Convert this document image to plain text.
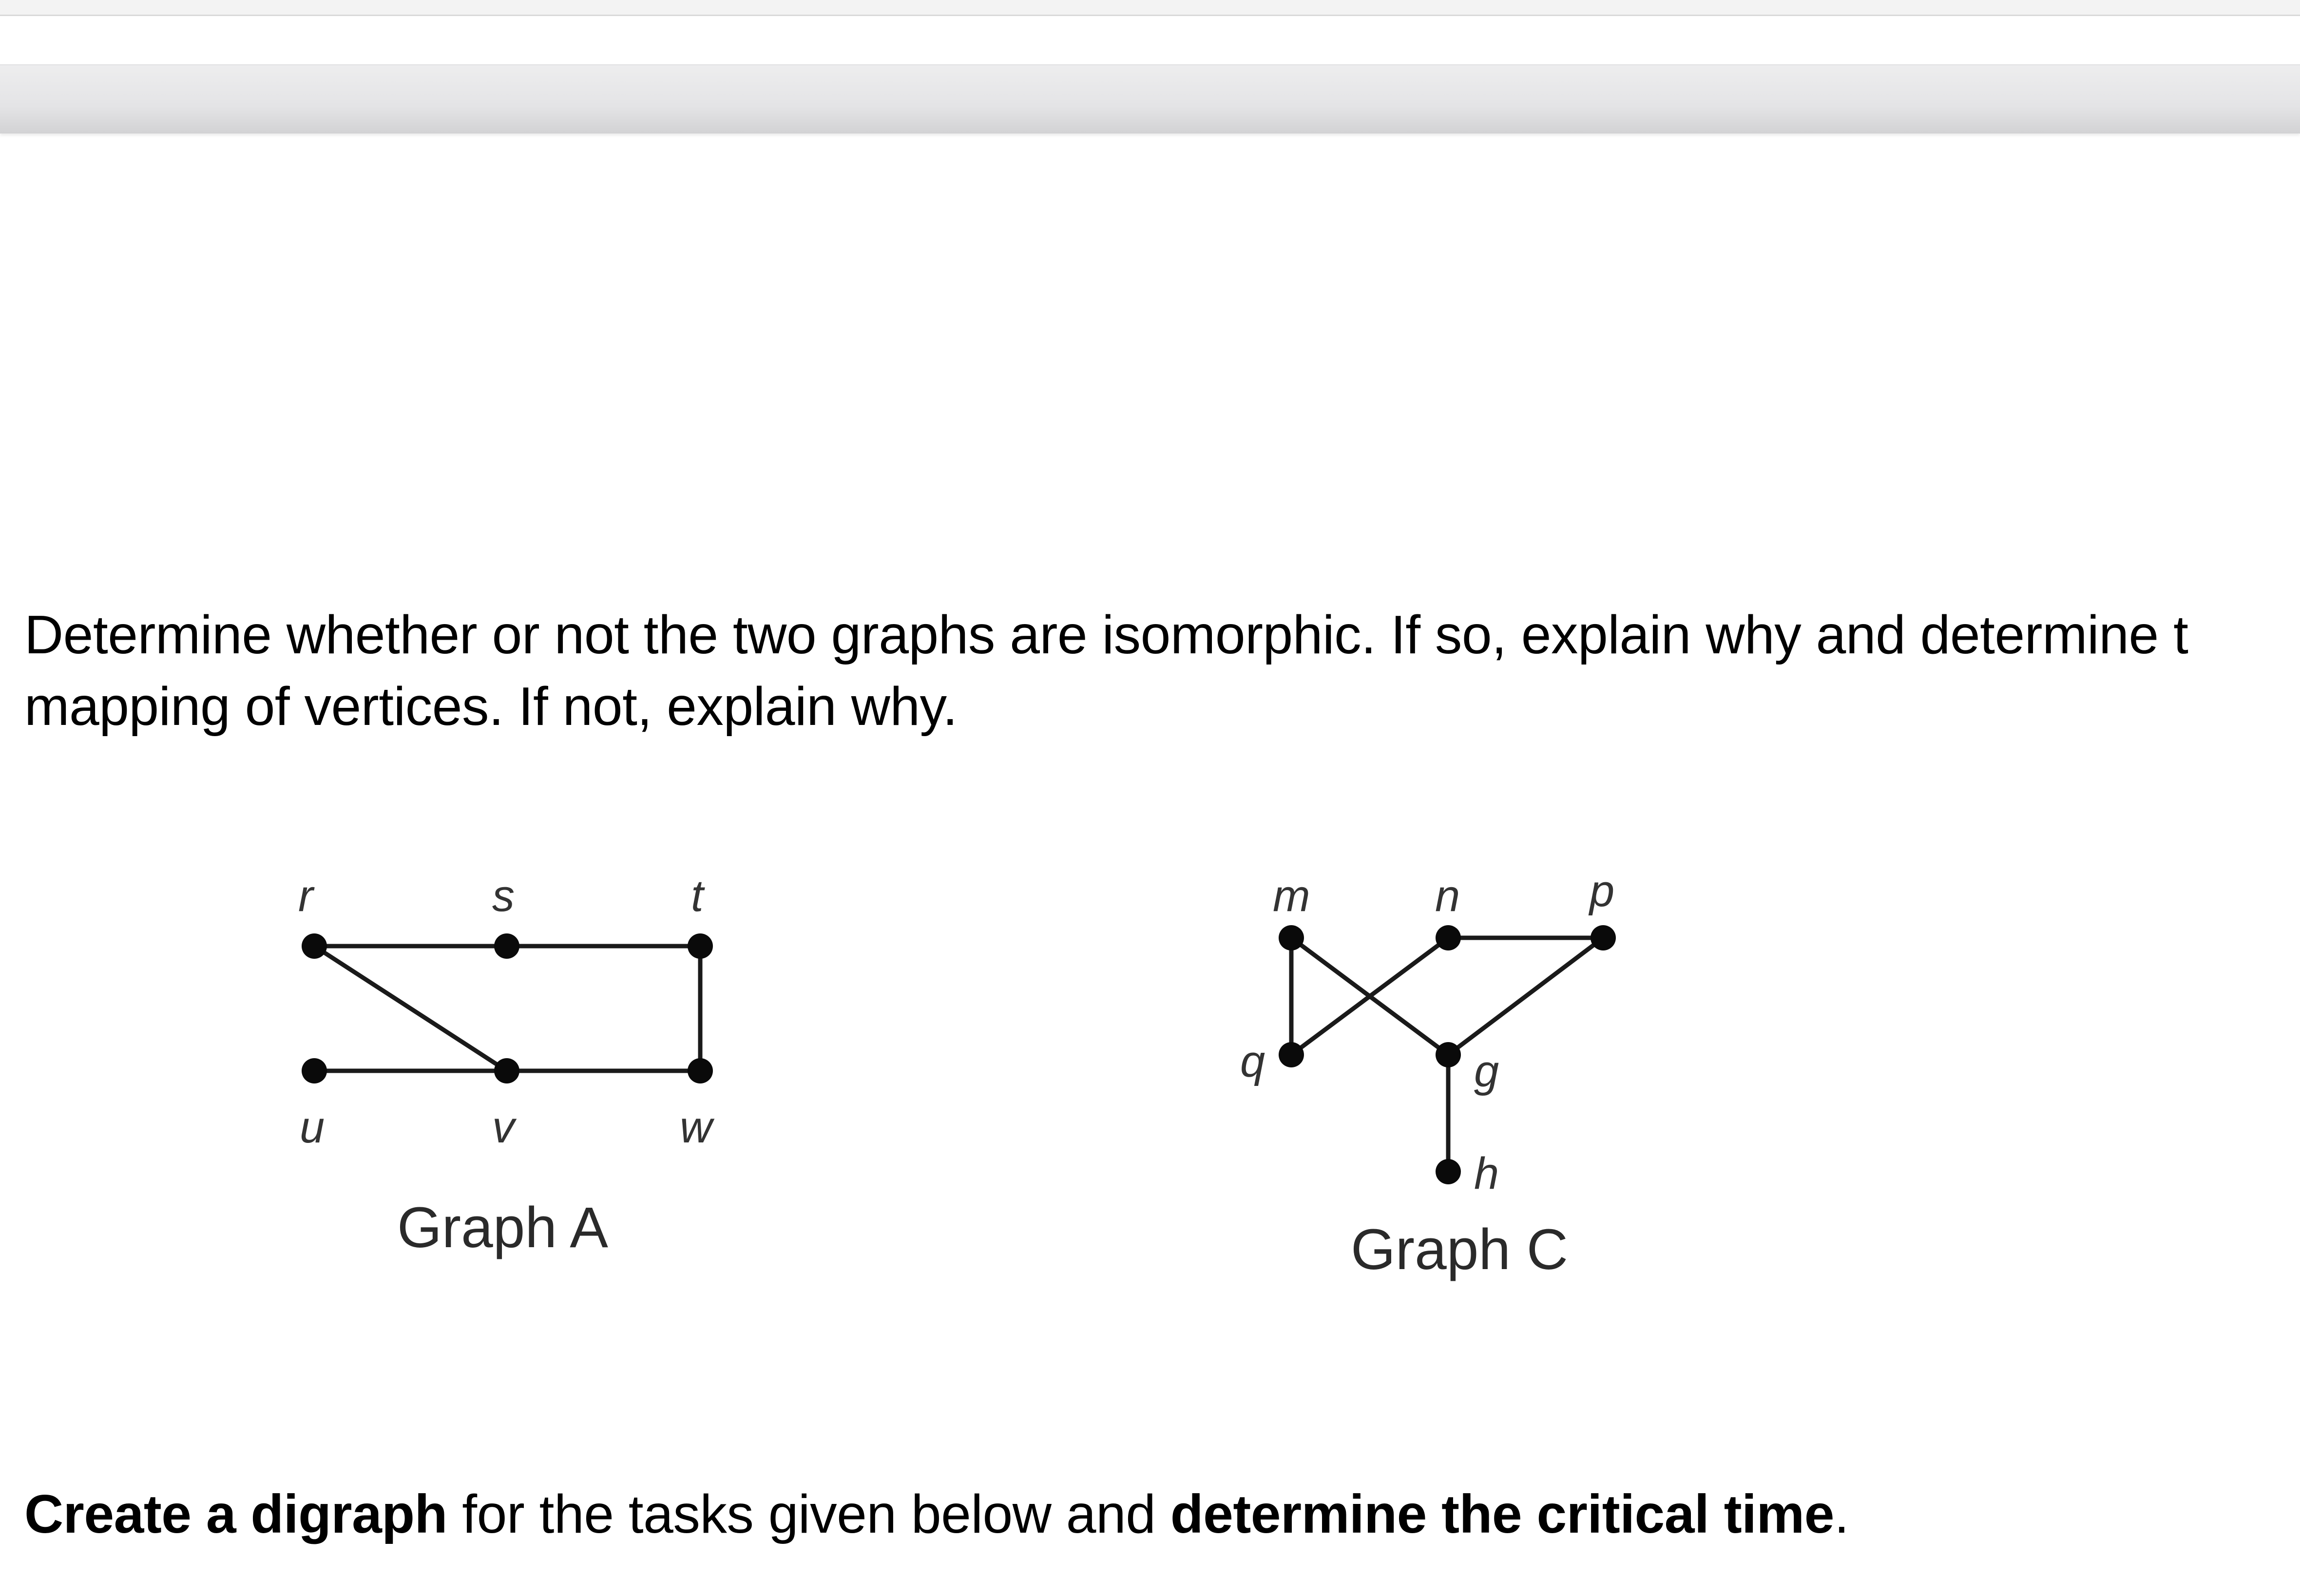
Determine whether or not the two graphs are isomorphic. If so, explain why and determine t
mapping of vertices. If not, explain why.
r	s	t
u	v	w
Graph A
m	n	p
q	g
h
Graph C
Create a digraph for the tasks given below and determine the critical time.
